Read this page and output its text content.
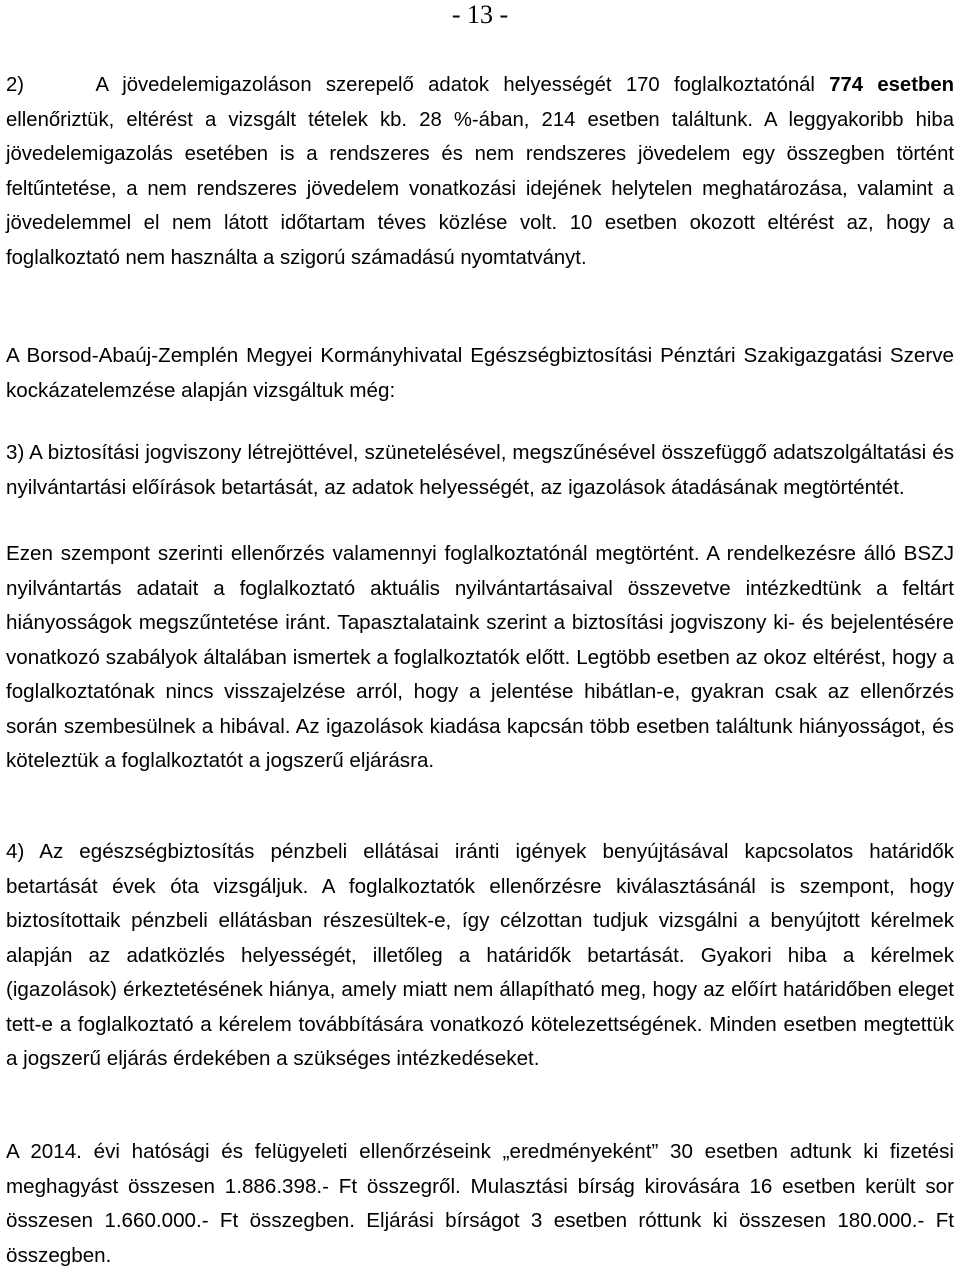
- 13 -

2)     A jövedelemigazoláson szerepelő adatok helyességét 170 foglalkoztatónál 774 esetben ellenőriztük, eltérést a vizsgált tételek kb. 28 %-ában, 214 esetben találtunk. A leggyakoribb hiba jövedelemigazolás esetében is a rendszeres és nem rendszeres jövedelem egy összegben történt feltűntetése, a nem rendszeres jövedelem vonatkozási idejének helytelen meghatározása, valamint a jövedelemmel el nem látott időtartam téves közlése volt. 10 esetben okozott eltérést az, hogy a foglalkoztató nem használta a szigorú számadású nyomtatványt.

A Borsod-Abaúj-Zemplén Megyei Kormányhivatal Egészségbiztosítási Pénztári Szakigazgatási Szerve kockázatelemzése alapján vizsgáltuk még:

3) A biztosítási jogviszony létrejöttével, szünetelésével, megszűnésével összefüggő adatszolgáltatási és nyilvántartási előírások betartását, az adatok helyességét, az igazolások átadásának megtörténtét.

Ezen szempont szerinti ellenőrzés valamennyi foglalkoztatónál megtörtént. A rendelkezésre álló BSZJ nyilvántartás adatait a foglalkoztató aktuális nyilvántartásaival összevetve intézkedtünk a feltárt hiányosságok megszűntetése iránt. Tapasztalataink szerint a biztosítási jogviszony ki- és bejelentésére vonatkozó szabályok általában ismertek a foglalkoztatók előtt. Legtöbb esetben az okoz eltérést, hogy a foglalkoztatónak nincs visszajelzése arról, hogy a jelentése hibátlan-e, gyakran csak az ellenőrzés során szembesülnek a hibával. Az igazolások kiadása kapcsán több esetben találtunk hiányosságot, és köteleztük a foglalkoztatót a jogszerű eljárásra.

4) Az egészségbiztosítás pénzbeli ellátásai iránti igények benyújtásával kapcsolatos határidők betartását évek óta vizsgáljuk. A foglalkoztatók ellenőrzésre kiválasztásánál is szempont, hogy biztosítottaik pénzbeli ellátásban részesültek-e, így célzottan tudjuk vizsgálni a benyújtott kérelmek alapján az adatközlés helyességét, illetőleg a határidők betartását. Gyakori hiba a kérelmek (igazolások) érkeztetésének hiánya, amely miatt nem állapítható meg, hogy az előírt határidőben eleget tett-e a foglalkoztató a kérelem továbbítására vonatkozó kötelezettségének. Minden esetben megtettük a jogszerű eljárás érdekében a szükséges intézkedéseket.

A 2014. évi hatósági és felügyeleti ellenőrzéseink „eredményeként” 30 esetben adtunk ki fizetési meghagyást összesen 1.886.398.- Ft összegről. Mulasztási bírság kirovására 16 esetben került sor összesen 1.660.000.- Ft összegben. Eljárási bírságot 3 esetben róttunk ki összesen 180.000.- Ft összegben.
